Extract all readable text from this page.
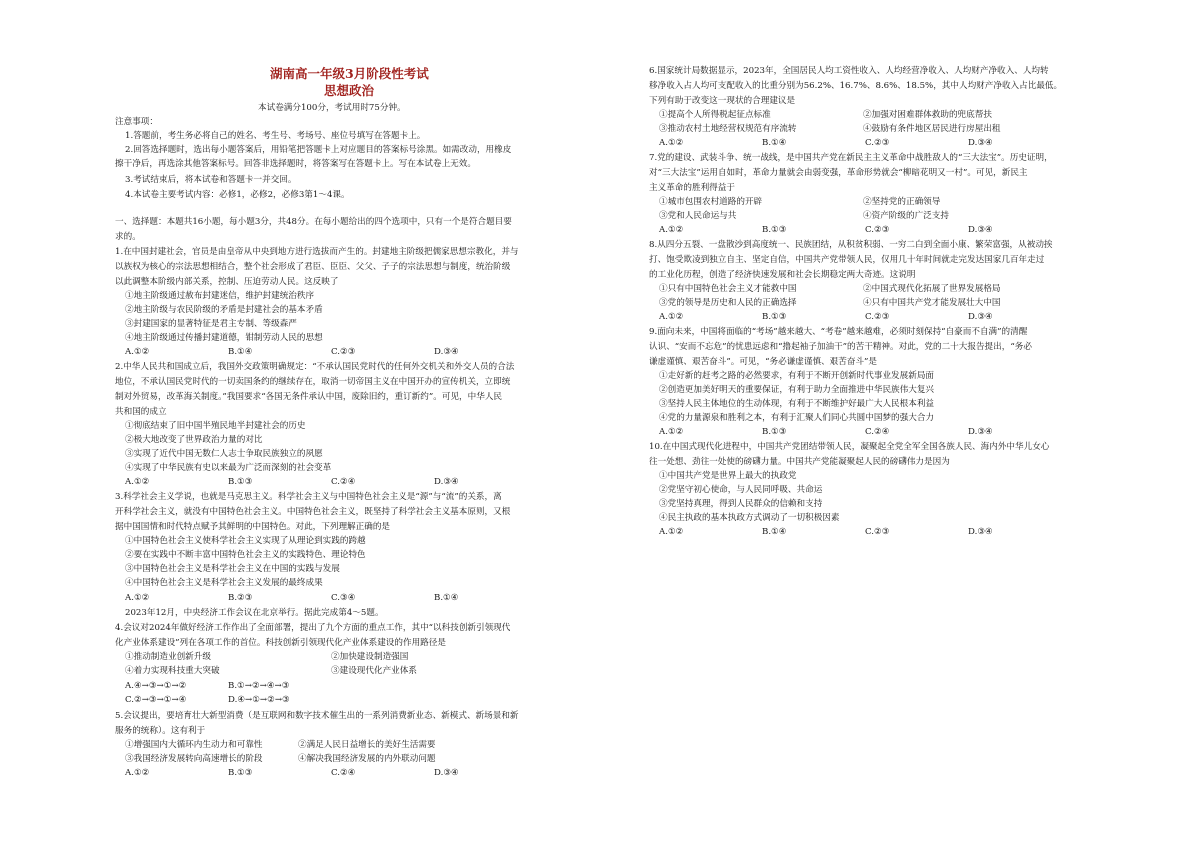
湖南高一年级3月阶段性考试
思想政治
本试卷满分100分，考试用时75分钟。
注意事项：
1.答题前，考生务必将自己的姓名、考生号、考场号、座位号填写在答题卡上。
2.回答选择题时，选出每小题答案后，用铅笔把答题卡上对应题目的答案标号涂黑。如需改动，用橡皮
擦干净后，再选涂其他答案标号。回答非选择题时，将答案写在答题卡上。写在本试卷上无效。
3.考试结束后，将本试卷和答题卡一并交回。
4.本试卷主要考试内容：必修1，必修2，必修3第1～4课。
一、选择题：本题共16小题，每小题3分，共48分。在每小题给出的四个选项中，只有一个是符合题目要
求的。
1.在中国封建社会，官员是由皇帝从中央到地方进行选拔而产生的。封建地主阶级把儒家思想宗教化，并与
以族权为核心的宗法思想相结合，整个社会形成了君臣、臣臣、父父、子子的宗法思想与制度，统治阶级
以此调整本阶级内部关系，控制、压迫劳动人民。这反映了
①地主阶级通过赦布封建迷信，维护封建统治秩序
②地主阶级与农民阶级的矛盾是封建社会的基本矛盾
③封建国家的显著特征是君主专制、等级森严
④地主阶级通过传播封建道德，钳制劳动人民的思想
A.①②	B.①④	C.②③	D.③④
2.中华人民共和国成立后，我国外交政策明确规定：“不承认国民党时代的任何外交机关和外交人员的合法
地位，不承认国民党时代的一切卖国条约的继续存在，取消一切帝国主义在中国开办的宣传机关，立即统
制对外贸易，改革海关制度。”我国要求“各国无条件承认中国，废除旧约，重订新约”。可见，中华人民
共和国的成立
①彻底结束了旧中国半殖民地半封建社会的历史
②极大地改变了世界政治力量的对比
③实现了近代中国无数仁人志士争取民族独立的夙愿
④实现了中华民族有史以来最为广泛而深刻的社会变革
A.①②	B.①③	C.②④	D.③④
3.科学社会主义学说，也就是马克思主义。科学社会主义与中国特色社会主义是“源”与“流”的关系，离
开科学社会主义，就没有中国特色社会主义。中国特色社会主义，既坚持了科学社会主义基本原则，又根
据中国国情和时代特点赋予其鲜明的中国特色。对此，下列理解正确的是
①中国特色社会主义使科学社会主义实现了从理论到实践的跨越
②要在实践中不断丰富中国特色社会主义的实践特色、理论特色
③中国特色社会主义是科学社会主义在中国的实践与发展
④中国特色社会主义是科学社会主义发展的最终成果
A.①②	B.②③	C.③④	B.①④
2023年12月，中央经济工作会议在北京举行。据此完成第4～5题。
4.会议对2024年做好经济工作作出了全面部署，提出了九个方面的重点工作，其中“以科技创新引领现代
化产业体系建设”列在各项工作的首位。科技创新引领现代化产业体系建设的作用路径是
①推动制造业创新升级	②加快建设制造强国
④着力实现科技重大突破	③建设现代化产业体系
A.④→③→①→②	B.①→②→④→③
C.②→③→①→④	D.④→①→②→③
5.会议提出，要培育壮大新型消费（是互联网和数字技术催生出的一系列消费新业态、新模式、新场景和新
服务的统称）。这有利于
①增强国内大循环内生动力和可靠性	②满足人民日益增长的美好生活需要
③我国经济发展转向高速增长的阶段	④解决我国经济发展的内外联动问题
A.①②	B.①③	C.②④	D.③④
6.国家统计局数据显示，2023年，全国居民人均工资性收入、人均经营净收入、人均财产净收入、人均转
移净收入占人均可支配收入的比重分别为56.2%、16.7%、8.6%、18.5%，其中人均财产净收入占比最低。
下列有助于改变这一现状的合理建议是
①提高个人所得税起征点标准	②加强对困难群体救助的兜底帮扶
③推动农村土地经营权规范有序流转	④鼓励有条件地区居民进行房屋出租
A.①②	B.①④	C.②③	D.③④
7.党的建设、武装斗争、统一战线，是中国共产党在新民主主义革命中战胜敌人的“三大法宝”。历史证明，
对“三大法宝”运用自如时，革命力量就会由弱变强，革命形势就会“柳暗花明又一村”。可见，新民主
主义革命的胜利得益于
①城市包围农村道路的开辟	②坚持党的正确领导
③党和人民命运与共	④资产阶级的广泛支持
A.①②	B.①③	C.②③	D.③④
8.从四分五裂、一盘散沙到高度统一、民族团结，从积贫积弱、一穷二白到全面小康、繁荣富强，从被动挨
打、饱受欺凌到独立自主、坚定自信，中国共产党带领人民，仅用几十年时间就走完发达国家几百年走过
的工业化历程，创造了经济快速发展和社会长期稳定两大奇迹。这说明
①只有中国特色社会主义才能救中国	②中国式现代化拓展了世界发展格局
③党的领导是历史和人民的正确选择	④只有中国共产党才能发展壮大中国
A.①②	B.①③	C.②③	D.③④
9.面向未来，中国将面临的“考场”越来越大、“考卷”越来越难，必须时刻保持“自豪而不自满”的清醒
认识、“安而不忘危”的忧患远虑和“撸起袖子加油干”的苦干精神。对此，党的二十大报告提出，“务必
谦虚谨慎、艰苦奋斗”。可见，“务必谦虚谨慎、艰苦奋斗”是
①走好新的赶考之路的必然要求，有利于不断开创新时代事业发展新局面
②创造更加美好明天的重要保证，有利于助力全面推进中华民族伟大复兴
③坚持人民主体地位的生动体现，有利于不断维护好最广大人民根本利益
④党的力量源泉和胜利之本，有利于汇聚人们同心共圆中国梦的强大合力
A.①②	B.①③	C.②④	D.③④
10.在中国式现代化进程中，中国共产党团结带领人民，凝聚起全党全军全国各族人民、海内外中华儿女心
往一处想、劲往一处使的磅礴力量。中国共产党能凝聚起人民的磅礴伟力是因为
①中国共产党是世界上最大的执政党
②党坚守初心使命，与人民同呼吸、共命运
③党坚持真理，得到人民群众的信赖和支持
④民主执政的基本执政方式调动了一切积极因素
A.①②	B.①④	C.②③	D.③④
